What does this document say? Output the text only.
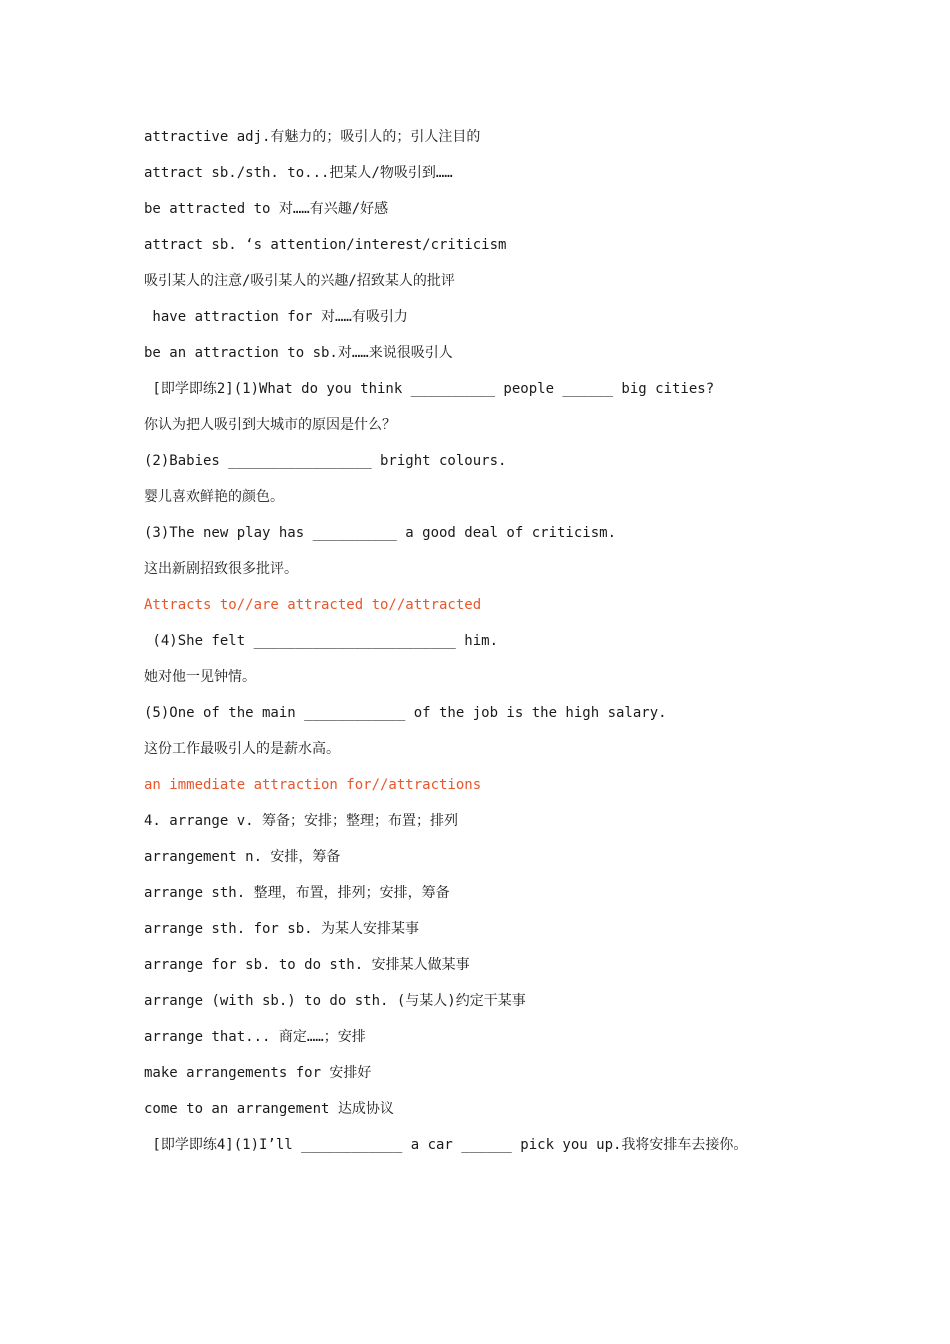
attractive adj.有魅力的；吸引人的；引人注目的
attract sb./sth. to...把某人/物吸引到……
be attracted to 对……有兴趣/好感
attract sb. ‘s attention/interest/criticism
吸引某人的注意/吸引某人的兴趣/招致某人的批评
have attraction for 对……有吸引力
be an attraction to sb.对……来说很吸引人
[即学即练2](1)What do you think __________ people ______ big cities?
你认为把人吸引到大城市的原因是什么？
(2)Babies _________________ bright colours.
婴儿喜欢鲜艳的颜色。
(3)The new play has __________ a good deal of criticism.
这出新剧招致很多批评。
Attracts to//are attracted to//attracted
(4)She felt ________________________ him.
她对他一见钟情。
(5)One of the main ____________ of the job is the high salary.
这份工作最吸引人的是薪水高。
an immediate attraction for//attractions
4. arrange v. 筹备；安排；整理；布置；排列
arrangement n. 安排，筹备
arrange sth. 整理，布置，排列；安排，筹备
arrange sth. for sb. 为某人安排某事
arrange for sb. to do sth. 安排某人做某事
arrange (with sb.) to do sth. (与某人)约定干某事
arrange that... 商定……；安排
make arrangements for 安排好
come to an arrangement 达成协议
[即学即练4](1)I’ll ____________ a car ______ pick you up.我将安排车去接你。
